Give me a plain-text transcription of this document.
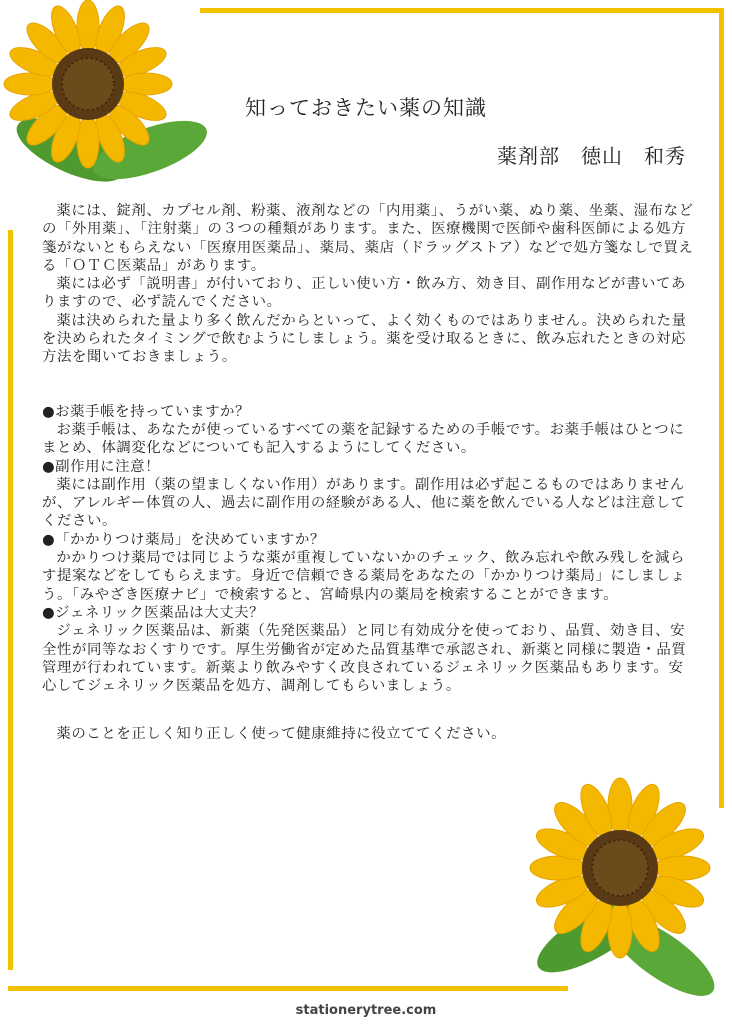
知っておきたい薬の知識

薬剤部　徳山　和秀

薬には、錠剤、カプセル剤、粉薬、液剤などの「内用薬」、うがい薬、ぬり薬、坐薬、湿布などの「外用薬」、「注射薬」の３つの種類があります。また、医療機関で医師や歯科医師による処方箋がないともらえない「医療用医薬品」、薬局、薬店（ドラッグストア）などで処方箋なしで買える「ＯＴＣ医薬品」があります。

薬には必ず「説明書」が付いており、正しい使い方・飲み方、効き目、副作用などが書いてありますので、必ず読んでください。

薬は決められた量より多く飲んだからといって、よく効くものではありません。決められた量を決められたタイミングで飲むようにしましょう。薬を受け取るときに、飲み忘れたときの対応方法を聞いておきましょう。

●お薬手帳を持っていますか？

お薬手帳は、あなたが使っているすべての薬を記録するための手帳です。お薬手帳はひとつにまとめ、体調変化などについても記入するようにしてください。

●副作用に注意！

薬には副作用（薬の望ましくない作用）があります。副作用は必ず起こるものではありませんが、アレルギー体質の人、過去に副作用の経験がある人、他に薬を飲んでいる人などは注意してください。

●「かかりつけ薬局」を決めていますか？

かかりつけ薬局では同じような薬が重複していないかのチェック、飲み忘れや飲み残しを減らす提案などをしてもらえます。身近で信頼できる薬局をあなたの「かかりつけ薬局」にしましょう。「みやざき医療ナビ」で検索すると、宮崎県内の薬局を検索することができます。

●ジェネリック医薬品は大丈夫？

ジェネリック医薬品は、新薬（先発医薬品）と同じ有効成分を使っており、品質、効き目、安全性が同等なおくすりです。厚生労働省が定めた品質基準で承認され、新薬と同様に製造・品質管理が行われています。新薬より飲みやすく改良されているジェネリック医薬品もあります。安心してジェネリック医薬品を処方、調剤してもらいましょう。

薬のことを正しく知り正しく使って健康維持に役立ててください。

stationerytree.com
